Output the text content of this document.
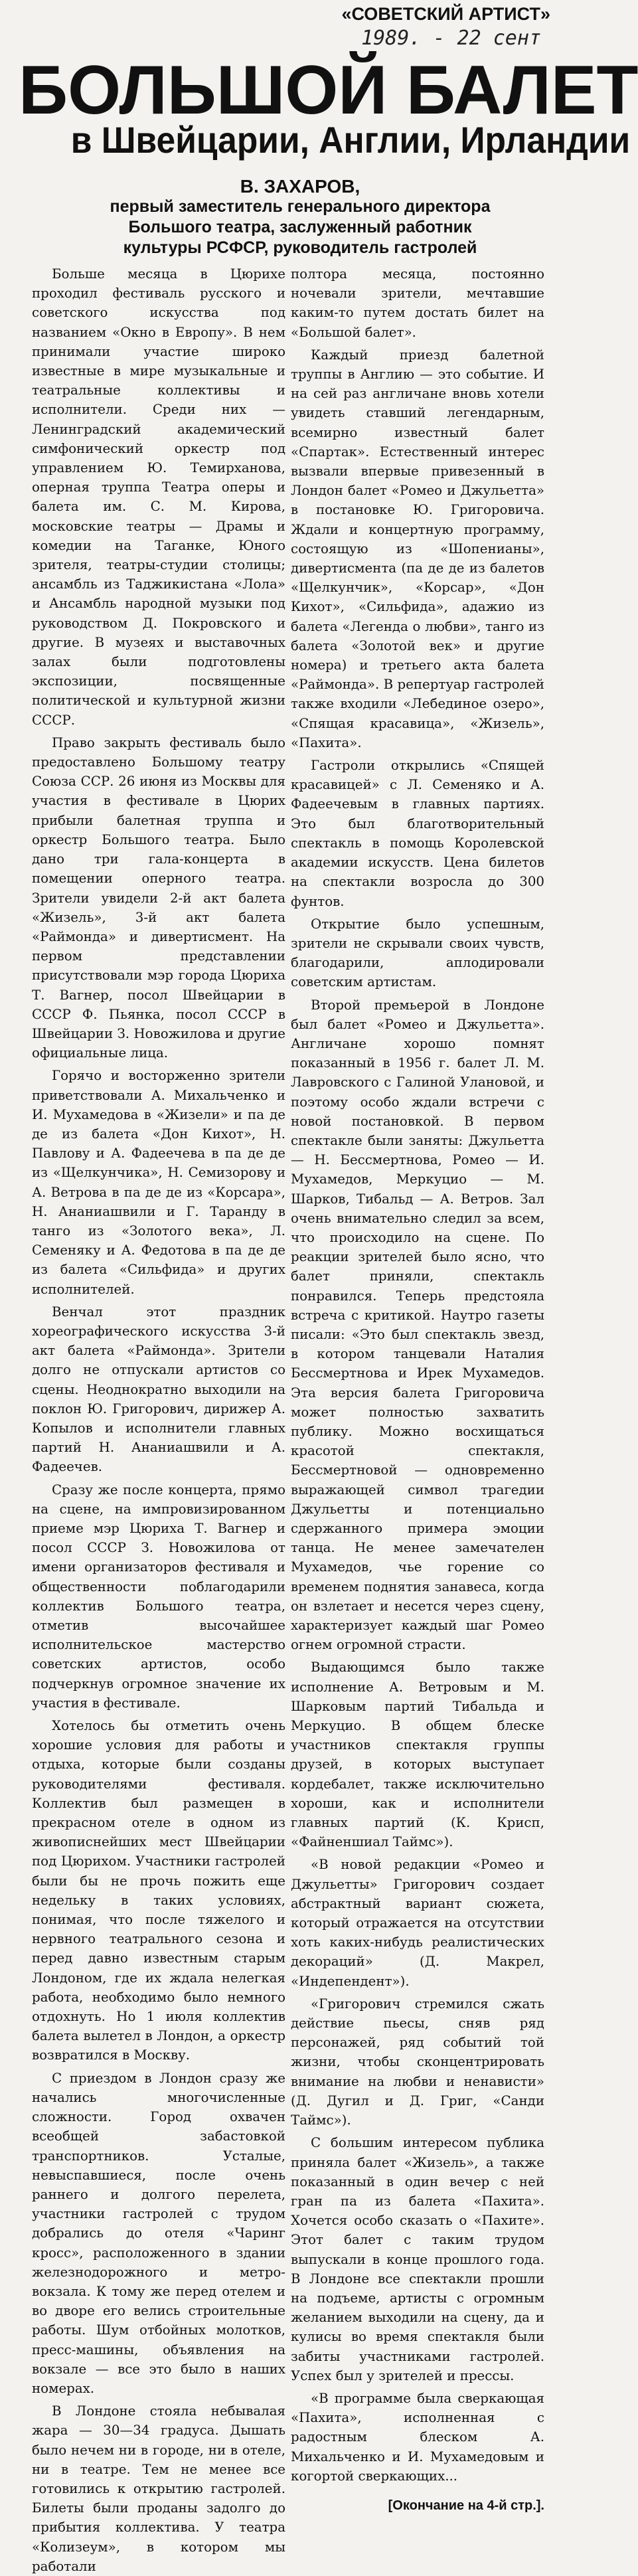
«СОВЕТСКИЙ АРТИСТ»
1989. - 22 сент
БОЛЬШОЙ БАЛЕТ
в Швейцарии, Англии, Ирландии
В. ЗАХАРОВ,
первый заместитель генерального директора
Большого театра, заслуженный работник
культуры РСФСР, руководитель гастролей

Больше месяца в Цюрихе проходил фестиваль русского и советского искусства под названием «Окно в Европу». В нем принимали участие широко известные в мире музыкальные и театральные коллективы и исполнители. Среди них — Ленинградский академический симфонический оркестр под управлением Ю. Темирханова, оперная труппа Театра оперы и балета им. С. М. Кирова, московские театры — Драмы и комедии на Таганке, Юного зрителя, театры-студии столицы; ансамбль из Таджикистана «Лола» и Ансамбль народной музыки под руководством Д. Покровского и другие. В музеях и выставочных залах были подготовлены экспозиции, посвященные политической и культурной жизни СССР.

Право закрыть фестиваль было предоставлено Большому театру Союза ССР. 26 июня из Москвы для участия в фестивале в Цюрих прибыли балетная труппа и оркестр Большого театра. Было дано три гала-концерта в помещении оперного театра. Зрители увидели 2-й акт балета «Жизель», 3-й акт балета «Раймонда» и дивертисмент. На первом представлении присутствовали мэр города Цюриха Т. Вагнер, посол Швейцарии в СССР Ф. Пьянка, посол СССР в Швейцарии З. Новожилова и другие официальные лица.

Горячо и восторженно зрители приветствовали А. Михальченко и И. Мухамедова в «Жизели» и па де де из балета «Дон Кихот», Н. Павлову и А. Фадеечева в па де де из «Щелкунчика», Н. Семизорову и А. Ветрова в па де де из «Корсара», Н. Ананиашвили и Г. Таранду в танго из «Золотого века», Л. Семеняку и А. Федотова в па де де из балета «Сильфида» и других исполнителей.

Венчал этот праздник хореографического искусства 3-й акт балета «Раймонда». Зрители долго не отпускали артистов со сцены. Неоднократно выходили на поклон Ю. Григорович, дирижер А. Копылов и исполнители главных партий Н. Ананиашвили и А. Фадеечев.

Сразу же после концерта, прямо на сцене, на импровизированном приеме мэр Цюриха Т. Вагнер и посол СССР З. Новожилова от имени организаторов фестиваля и общественности поблагодарили коллектив Большого театра, отметив высочайшее исполнительское мастерство советских артистов, особо подчеркнув огромное значение их участия в фестивале.

Хотелось бы отметить очень хорошие условия для работы и отдыха, которые были созданы руководителями фестиваля. Коллектив был размещен в прекрасном отеле в одном из живописнейших мест Швейцарии под Цюрихом. Участники гастролей были бы не прочь пожить еще недельку в таких условиях, понимая, что после тяжелого и нервного театрального сезона и перед давно известным старым Лондоном, где их ждала нелегкая работа, необходимо было немного отдохнуть. Но 1 июля коллектив балета вылетел в Лондон, а оркестр возвратился в Москву.

С приездом в Лондон сразу же начались многочисленные сложности. Город охвачен всеобщей забастовкой транспортников. Усталые, невыспавшиеся, после очень раннего и долгого перелета, участники гастролей с трудом добрались до отеля «Чаринг кросс», расположенного в здании железнодорожного и метро-вокзала. К тому же перед отелем и во дворе его велись строительные работы. Шум отбойных молотков, пресс-машины, объявления на вокзале — все это было в наших номерах.

В Лондоне стояла небывалая жара — 30—34 градуса. Дышать было нечем ни в городе, ни в отеле, ни в театре. Тем не менее все готовились к открытию гастролей. Билеты были проданы задолго до прибытия коллектива. У театра «Колизеум», в котором мы работали

полтора месяца, постоянно ночевали зрители, мечтавшие каким-то путем достать билет на «Большой балет».

Каждый приезд балетной труппы в Англию — это событие. И на сей раз англичане вновь хотели увидеть ставший легендарным, всемирно известный балет «Спартак». Естественный интерес вызвали впервые привезенный в Лондон балет «Ромео и Джульетта» в постановке Ю. Григоровича. Ждали и концертную программу, состоящую из «Шопенианы», дивертисмента (па де де из балетов «Щелкунчик», «Корсар», «Дон Кихот», «Сильфида», адажио из балета «Легенда о любви», танго из балета «Золотой век» и другие номера) и третьего акта балета «Раймонда». В репертуар гастролей также входили «Лебединое озеро», «Спящая красавица», «Жизель», «Пахита».

Гастроли открылись «Спящей красавицей» с Л. Семеняко и А. Фадеечевым в главных партиях. Это был благотворительный спектакль в помощь Королевской академии искусств. Цена билетов на спектакли возросла до 300 фунтов.

Открытие было успешным, зрители не скрывали своих чувств, благодарили, аплодировали советским артистам.

Второй премьерой в Лондоне был балет «Ромео и Джульетта». Англичане хорошо помнят показанный в 1956 г. балет Л. М. Лавровского с Галиной Улановой, и поэтому особо ждали встречи с новой постановкой. В первом спектакле были заняты: Джульетта — Н. Бессмертнова, Ромео — И. Мухамедов, Меркуцио — М. Шарков, Тибальд — А. Ветров. Зал очень внимательно следил за всем, что происходило на сцене. По реакции зрителей было ясно, что балет приняли, спектакль понравился. Теперь предстояла встреча с критикой. Наутро газеты писали: «Это был спектакль звезд, в котором танцевали Наталия Бессмертнова и Ирек Мухамедов. Эта версия балета Григоровича может полностью захватить публику. Можно восхищаться красотой спектакля, Бессмертновой — одновременно выражающей символ трагедии Джульетты и потенциально сдержанного примера эмоции танца. Не менее замечателен Мухамедов, чье горение со временем поднятия занавеса, когда он взлетает и несется через сцену, характеризует каждый шаг Ромео огнем огромной страсти.

Выдающимся было также исполнение А. Ветровым и М. Шарковым партий Тибальда и Меркуцио. В общем блеске участников спектакля группы друзей, в которых выступает кордебалет, также исключительно хороши, как и исполнители главных партий (К. Крисп, «Файненшиал Таймс»).

«В новой редакции «Ромео и Джульетты» Григорович создает абстрактный вариант сюжета, который отражается на отсутствии хоть каких-нибудь реалистических декораций» (Д. Макрел, «Индепендент»).

«Григорович стремился сжать действие пьесы, сняв ряд персонажей, ряд событий той жизни, чтобы сконцентрировать внимание на любви и ненависти» (Д. Дугил и Д. Григ, «Санди Таймс»).

С большим интересом публика приняла балет «Жизель», а также показанный в один вечер с ней гран па из балета «Пахита». Хочется особо сказать о «Пахите». Этот балет с таким трудом выпускали в конце прошлого года. В Лондоне все спектакли прошли на подъеме, артисты с огромным желанием выходили на сцену, да и кулисы во время спектакля были забиты участниками гастролей. Успех был у зрителей и прессы.

«В программе была сверкающая «Пахита», исполненная с радостным блеском А. Михальченко и И. Мухамедовым и когортой сверкающих...

[Окончание на 4-й стр.].
